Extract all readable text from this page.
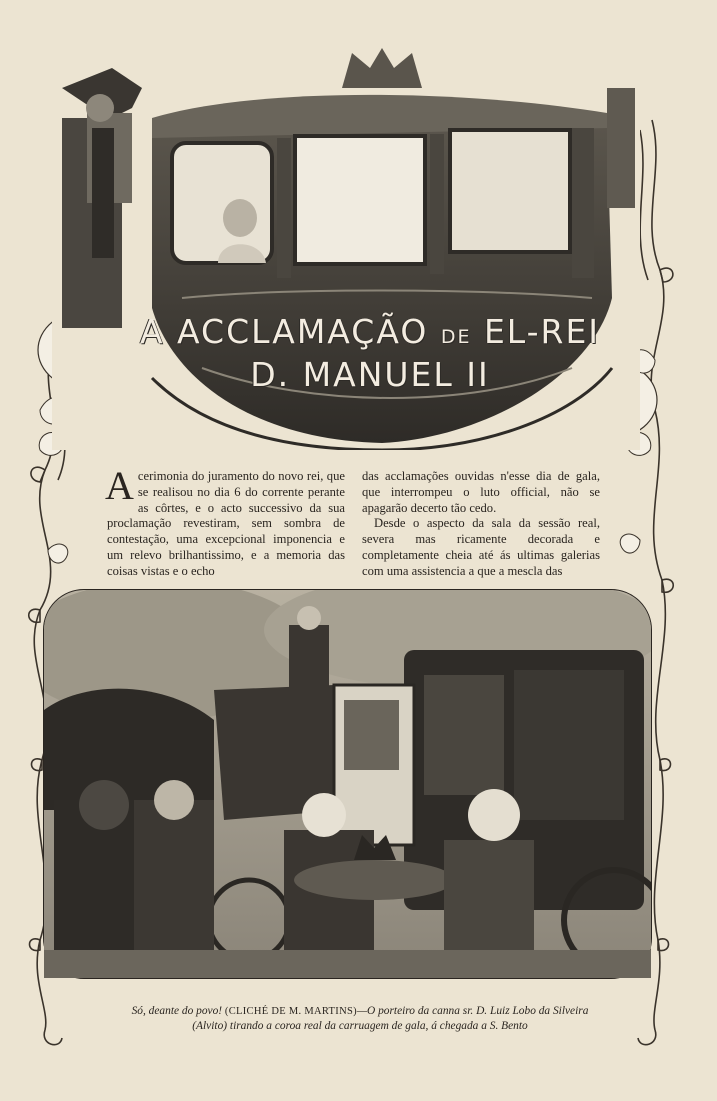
A ACCLAMAÇÃO DE EL-REI
D. MANUEL II

Acerimonia do juramento do novo rei, que se realisou no dia 6 do corrente perante as côrtes, e o acto successivo da sua proclamação revestiram, sem sombra de contestação, uma excepcional imponencia e um relevo brilhantissimo, e a memoria das coisas vistas e o echo

das acclamações ouvidas n'esse dia de gala, que interrompeu o luto official, não se apagarão decerto tão cedo.

Desde o aspecto da sala da sessão real, severa mas ricamente decorada e completamente cheia até ás ultimas galerias com uma assistencia a que a mescla das

Só, deante do povo! (CLICHÉ DE M. MARTINS)—O porteiro da canna sr. D. Luiz Lobo da Silveira
(Alvito) tirando a coroa real da carruagem de gala, á chegada a S. Bento
